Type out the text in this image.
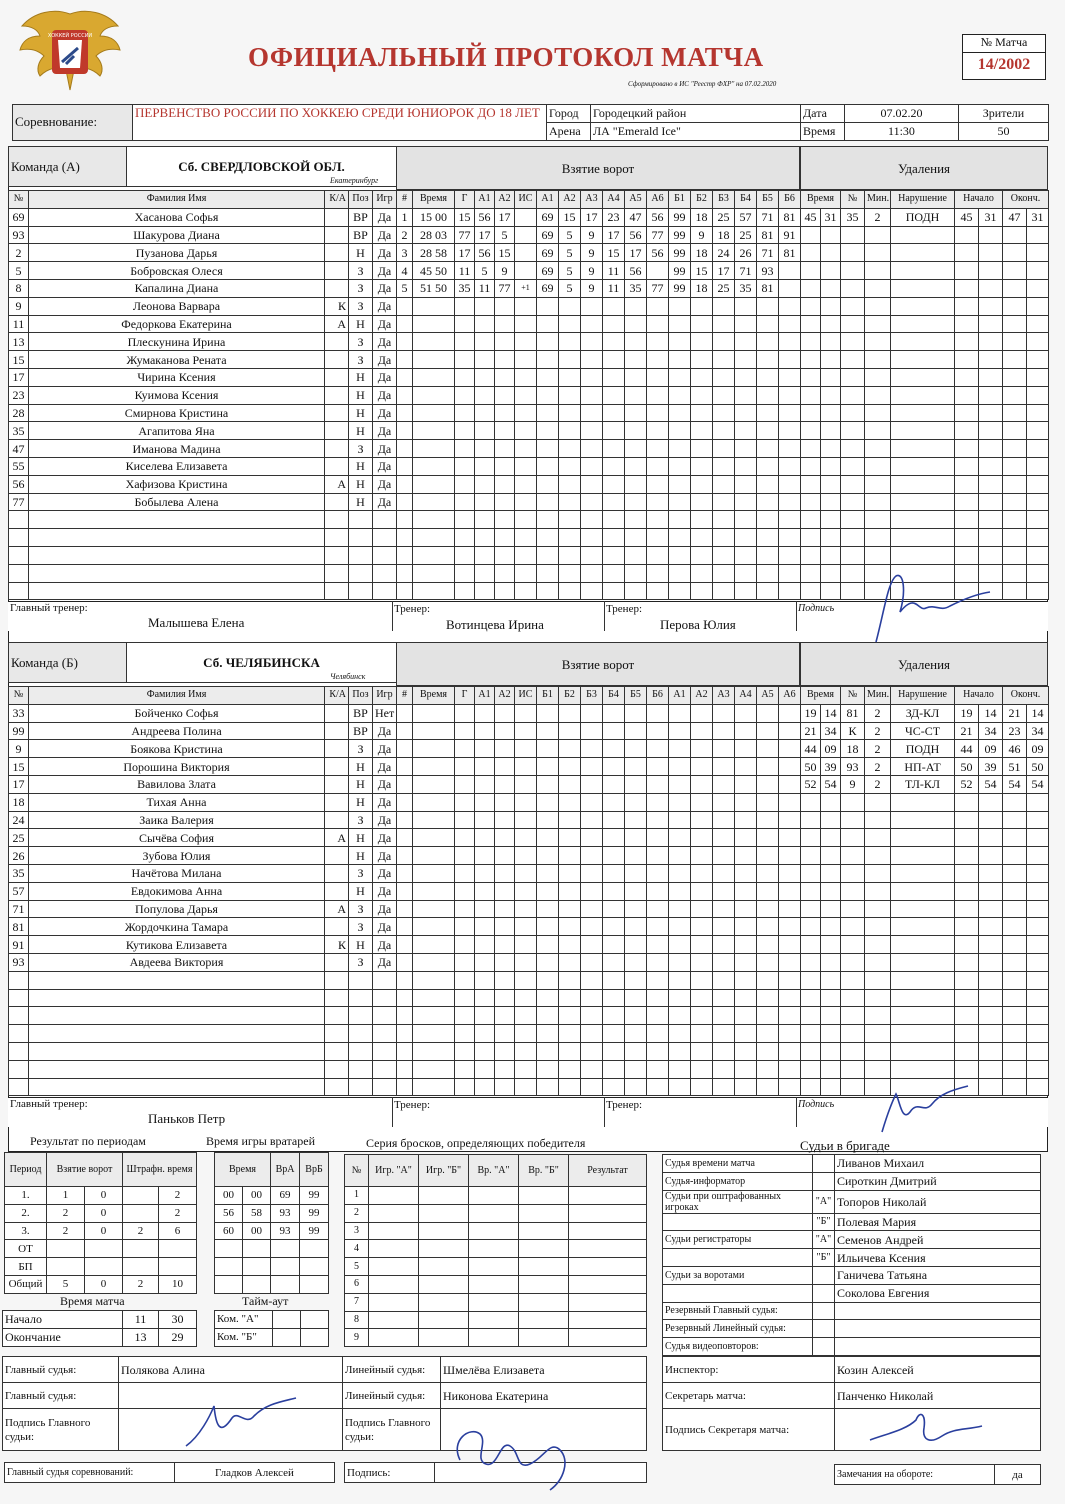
ХОККЕЙ РОССИИ
ОФИЦИАЛЬНЫЙ ПРОТОКОЛ МАТЧА
Сформировано в ИС "Реестр ФХР" на 07.02.2020
№ Матча
14/2002
Соревнование:	ПЕРВЕНСТВО РОССИИ ПО ХОККЕЮ СРЕДИ ЮНИОРОК ДО 18 ЛЕТ	Город	Городецкий район	Дата	07.02.20	Зрители
		Арена	ЛА "Emerald Ice"	Время	11:30	50
Команда (А)	Сб. СВЕРДЛОВСКОЙ ОБЛ.
Екатеринбург
Взятие ворот	Удаления
№	Фамилия Имя	К/А	Поз	Игр
69	Хасанова Софья		ВР	Да
93	Шакурова Диана		ВР	Да
2	Пузанова Дарья		Н	Да
5	Бобровская Олеся		З	Да
8	Капалина Диана		З	Да
9	Леонова Варвара	К	З	Да
11	Федоркова Екатерина	А	Н	Да
13	Плескунина Ирина		З	Да
15	Жумаканова Рената		З	Да
17	Чирина Ксения		Н	Да
23	Куимова Ксения		Н	Да
28	Смирнова Кристина		Н	Да
35	Агапитова Яна		Н	Да
47	Иманова Мадина		З	Да
55	Киселева Елизавета		Н	Да
56	Хафизова Кристина	А	Н	Да
77	Бобылева Алена		Н	Да

#	Время	Г	А1	А2	ИС	А1	А2	А3	А4	А5	А6	Б1	Б2	Б3	Б4	Б5	Б6
1	15 00	15	56	17		69	15	17	23	47	56	99	18	25	57	71	81
2	28 03	77	17	5		69	5	9	17	56	77	99	9	18	25	81	91
3	28 58	17	56	15		69	5	9	15	17	56	99	18	24	26	71	81
4	45 50	11	5	9		69	5	9	11	56		99	15	17	71	93	
5	51 50	35	11	77	+1	69	5	9	11	35	77	99	18	25	35	81	

Время		№	Мин.	Нарушение	Начало		Оконч.	
45	31	35	2	ПОДН	45	31	47	31

Главный тренер:
Малышева Елена
Тренер:
Вотинцева Ирина
Тренер:
Перова Юлия
Подпись
Команда (Б)	Сб. ЧЕЛЯБИНСКА
Челябинск
Взятие ворот	Удаления
№	Фамилия Имя	К/А	Поз	Игр
33	Бойченко Софья		ВР	Нет
99	Андреева Полина		ВР	Да
9	Боякова Кристина		З	Да
15	Порошина Виктория		Н	Да
17	Вавилова Злата		Н	Да
18	Тихая Анна		Н	Да
24	Заика Валерия		З	Да
25	Сычёва София	А	Н	Да
26	Зубова Юлия		Н	Да
35	Начётова Милана		З	Да
57	Евдокимова Анна		Н	Да
71	Популова Дарья	А	З	Да
81	Жордочкина Тамара		З	Да
91	Кутикова Елизавета	К	Н	Да
93	Авдеева Виктория		З	Да

#	Время	Г	А1	А2	ИС	Б1	Б2	Б3	Б4	Б5	Б6	А1	А2	А3	А4	А5	А6

																	Время		№	Мин.	Нарушение	Начало		Оконч.	
19	14	81	2	ЗД-КЛ	19	14	21	14
21	34	К	2	ЧС-СТ	21	34	23	34
44	09	18	2	ПОДН	44	09	46	09
50	39	93	2	НП-АТ	50	39	51	50
52	54	9	2	ТЛ-КЛ	52	54	54	54

Главный тренер:
Паньков Петр
Тренер:	Тренер:	Подпись
Результат по периодам
Период	Взятие ворот		Штрафн. время	
1.	1	0		2
2.	2	0		2
3.	2	0	2	6
ОТ				
БП				
Общий	5	0	2	10
Время игры вратарей
Время		ВрА	ВрБ
00	00	69	99
56	58	93	99
60	00	93	99

Серия бросков, определяющих победителя
№	Игр. "А"	Игр. "Б"	Вр. "А"	Вр. "Б"	Результат
1					
2					
3					
4					
5					
6					
7					
8					
9					
Время матча
Начало	11	30
Окончание	13	29
Тайм-аут
Ком. "А"		
Ком. "Б"		
Судьи в бригаде
Судья времени матча		Ливанов Михаил
Судья-информатор		Сироткин Дмитрий
Судьи при оштрафованных игроках	"А"	Топоров Николай
	"Б"	Полевая Мария
Судьи регистраторы	"А"	Семенов Андрей
	"Б"	Ильичева Ксения
Судьи за воротами		Ганичева Татьяна
		Соколова Евгения
Резервный Главный судья:		
Резервный Линейный судья:		
Судья видеоповторов:		
Главный судья:	Полякова Алина	Линейный судья:	Шмелёва Елизавета
Главный судья:		Линейный судья:	Никонова Екатерина
Подпись Главного судьи:		Подпись Главного судьи:	
Инспектор:	Козин Алексей
Секретарь матча:	Панченко Николай
Подпись Секретаря матча:	
Главный судья соревнований:	Гладков Алексей	Подпись:		Замечания на обороте:	да
